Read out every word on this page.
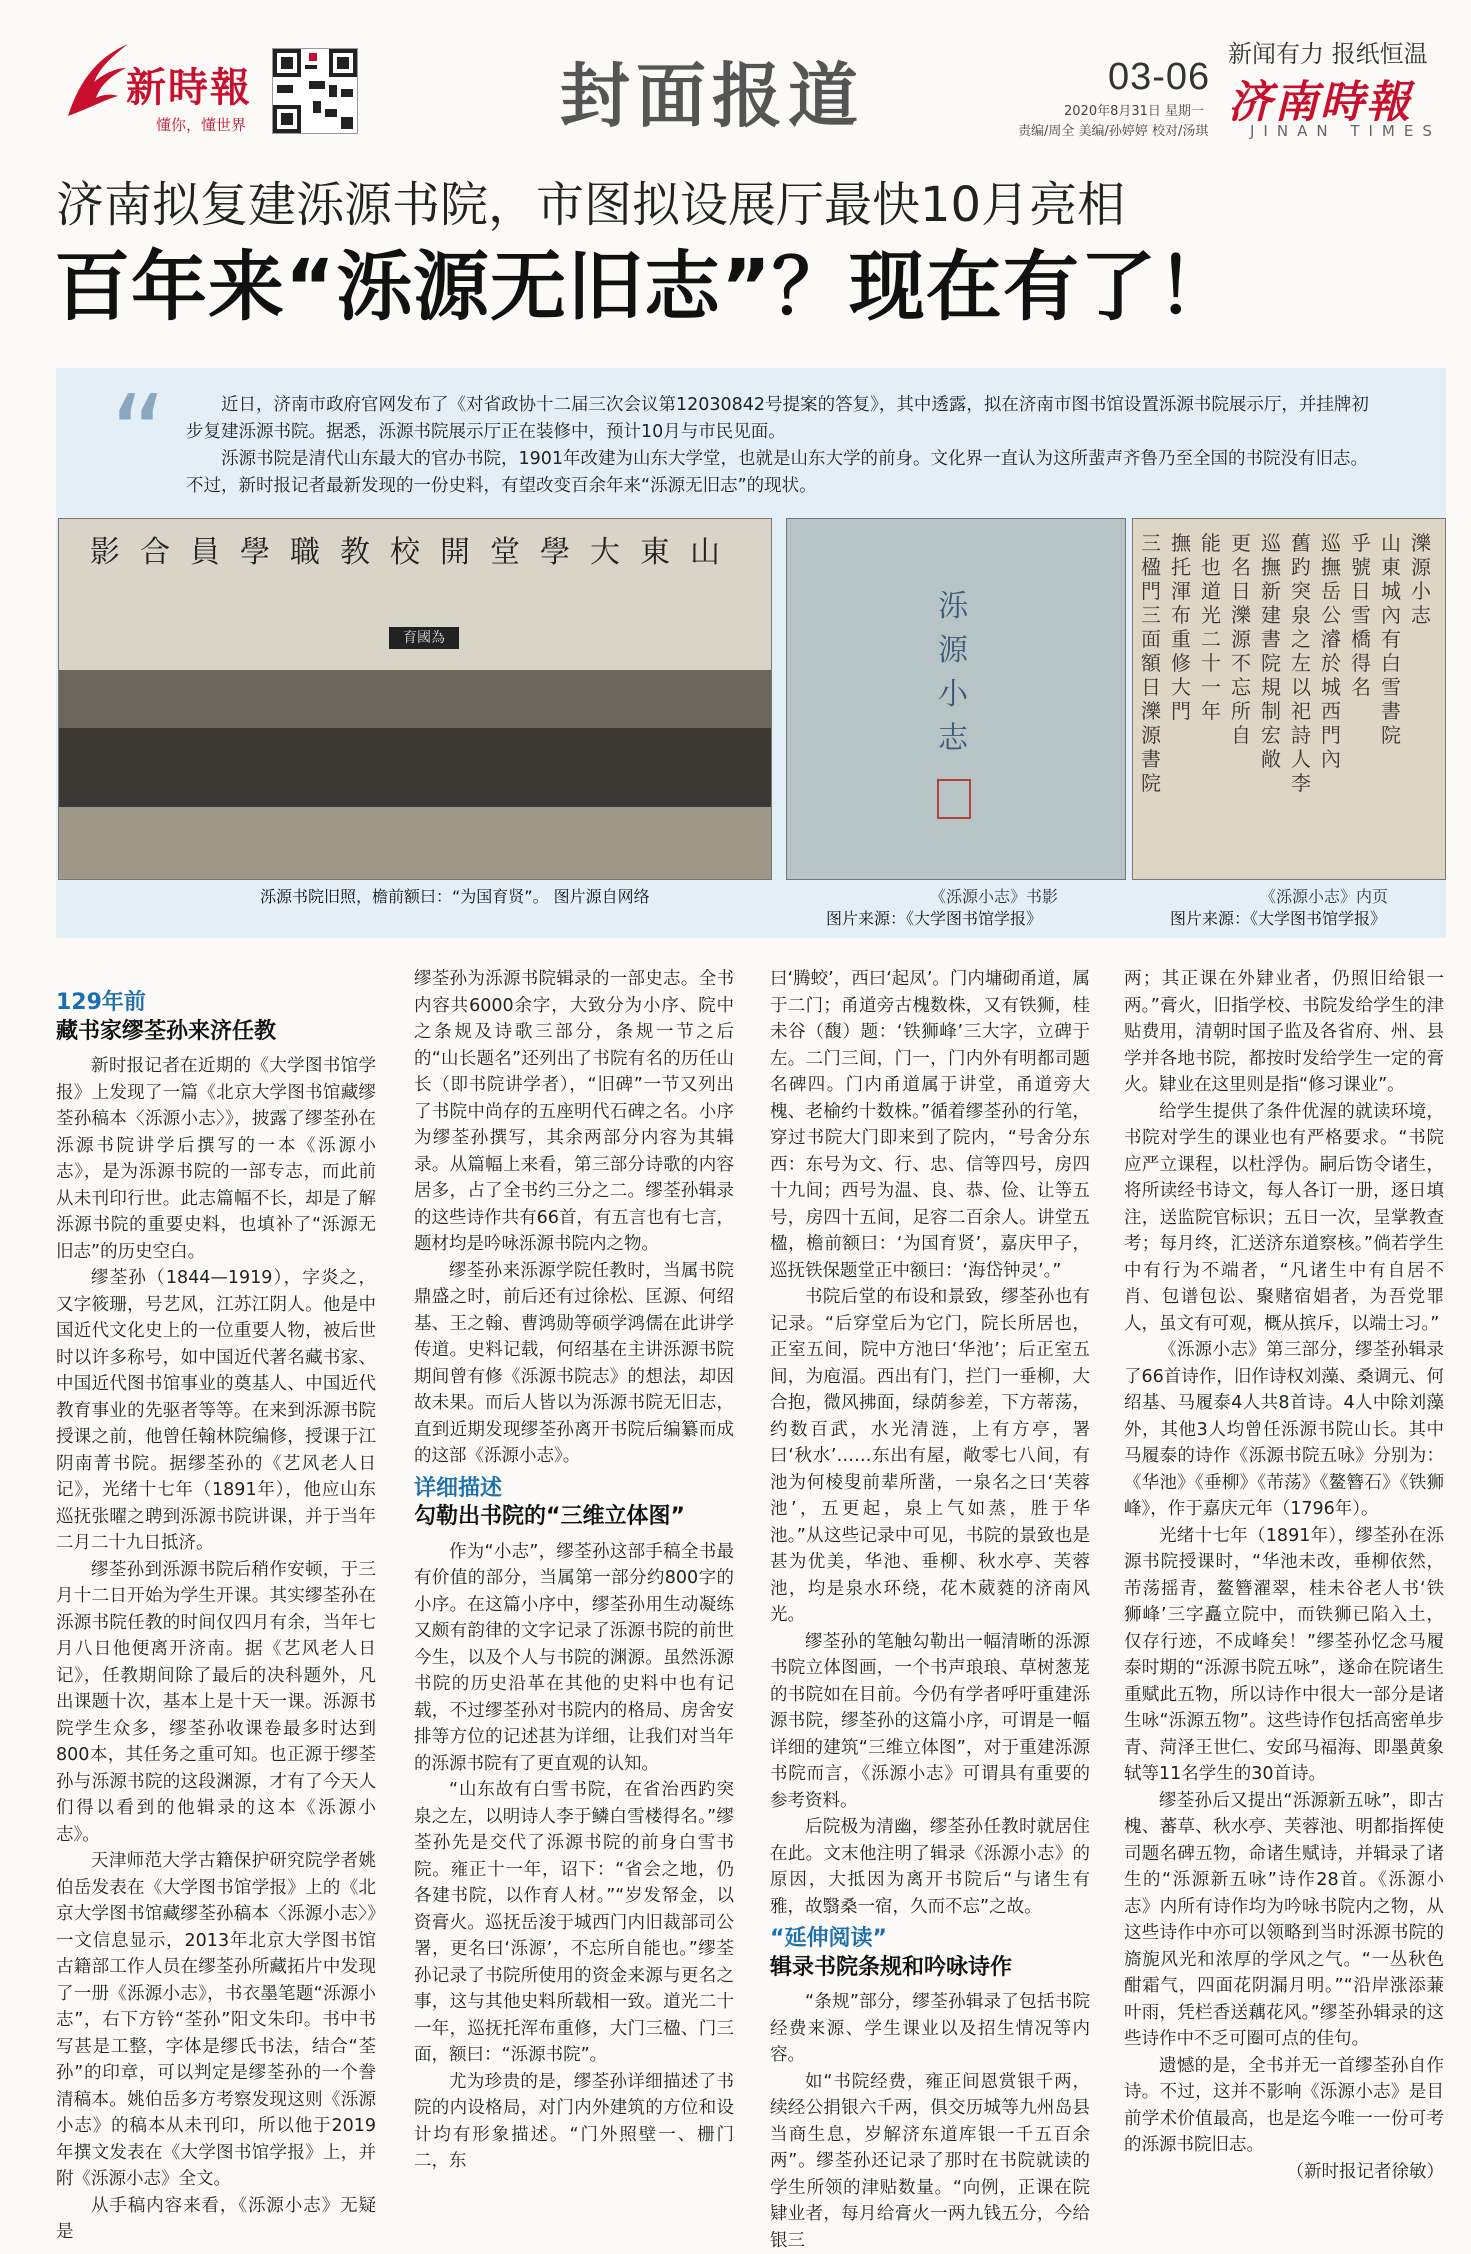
新時報
懂你，懂世界	封面报道	03-06
新闻有力 报纸恒温
济南時報
JINAN TIMES
2020年8月31日 星期一
责编/周全 美编/孙婷婷 校对/汤琪
济南拟复建泺源书院，市图拟设展厅最快10月亮相
百年来“泺源无旧志”？现在有了！
“	近日，济南市政府官网发布了《对省政协十二届三次会议第12030842号提案的答复》，其中透露，拟在济南市图书馆设置泺源书院展示厅，并挂牌初步复建泺源书院。据悉，泺源书院展示厅正在装修中，预计10月与市民见面。

泺源书院是清代山东最大的官办书院，1901年改建为山东大学堂，也就是山东大学的前身。文化界一直认为这所蜚声齐鲁乃至全国的书院没有旧志。不过，新时报记者最新发现的一份史料，有望改变百余年来“泺源无旧志”的现状。

影合員學職教校開堂學大東山
育國為
泺源书院旧照，檐前额曰：“为国育贤”。 图片源自网络
泺源小志
《泺源小志》书影
图片来源：《大学图书馆学报》
濼源小志
山東城內有白雪書院
乎號日雪橋得名
巡撫岳公濬於城西門內
舊趵突泉之左以祀詩人李
巡撫新建書院規制宏敞
更名日濼源不忘所自
能也道光二十一年
撫托渾布重修大門
三楹門三面額日濼源書院
《泺源小志》内页
图片来源：《大学图书馆学报》
129年前
藏书家缪荃孙来济任教

新时报记者在近期的《大学图书馆学报》上发现了一篇《北京大学图书馆藏缪荃孙稿本〈泺源小志〉》，披露了缪荃孙在泺源书院讲学后撰写的一本《泺源小志》，是为泺源书院的一部专志，而此前从未刊印行世。此志篇幅不长，却是了解泺源书院的重要史料，也填补了“泺源无旧志”的历史空白。

缪荃孙（1844—1919），字炎之，又字筱珊，号艺风，江苏江阴人。他是中国近代文化史上的一位重要人物，被后世时以许多称号，如中国近代著名藏书家、中国近代图书馆事业的奠基人、中国近代教育事业的先驱者等等。在来到泺源书院授课之前，他曾任翰林院编修，授课于江阴南菁书院。据缪荃孙的《艺风老人日记》，光绪十七年（1891年），他应山东巡抚张曜之聘到泺源书院讲课，并于当年二月二十九日抵济。

缪荃孙到泺源书院后稍作安顿，于三月十二日开始为学生开课。其实缪荃孙在泺源书院任教的时间仅四月有余，当年七月八日他便离开济南。据《艺风老人日记》，任教期间除了最后的决科题外，凡出课题十次，基本上是十天一课。泺源书院学生众多，缪荃孙收课卷最多时达到800本，其任务之重可知。也正源于缪荃孙与泺源书院的这段渊源，才有了今天人们得以看到的他辑录的这本《泺源小志》。

天津师范大学古籍保护研究院学者姚伯岳发表在《大学图书馆学报》上的《北京大学图书馆藏缪荃孙稿本〈泺源小志〉》一文信息显示，2013年北京大学图书馆古籍部工作人员在缪荃孙所藏拓片中发现了一册《泺源小志》，书衣墨笔题“泺源小志”，右下方钤“荃孙”阳文朱印。书中书写甚是工整，字体是缪氏书法，结合“荃孙”的印章，可以判定是缪荃孙的一个誊清稿本。姚伯岳多方考察发现这则《泺源小志》的稿本从未刊印，所以他于2019年撰文发表在《大学图书馆学报》上，并附《泺源小志》全文。

从手稿内容来看，《泺源小志》无疑是

缪荃孙为泺源书院辑录的一部史志。全书内容共6000余字，大致分为小序、院中之条规及诗歌三部分，条规一节之后的“山长题名”还列出了书院有名的历任山长（即书院讲学者），“旧碑”一节又列出了书院中尚存的五座明代石碑之名。小序为缪荃孙撰写，其余两部分内容为其辑录。从篇幅上来看，第三部分诗歌的内容居多，占了全书约三分之二。缪荃孙辑录的这些诗作共有66首，有五言也有七言，题材均是吟咏泺源书院内之物。

缪荃孙来泺源学院任教时，当属书院鼎盛之时，前后还有过徐松、匡源、何绍基、王之翰、曹鸿勋等硕学鸿儒在此讲学传道。史料记载，何绍基在主讲泺源书院期间曾有修《泺源书院志》的想法，却因故未果。而后人皆以为泺源书院无旧志，直到近期发现缪荃孙离开书院后编纂而成的这部《泺源小志》。

详细描述
勾勒出书院的“三维立体图”

作为“小志”，缪荃孙这部手稿全书最有价值的部分，当属第一部分约800字的小序。在这篇小序中，缪荃孙用生动凝练又颇有韵律的文字记录了泺源书院的前世今生，以及个人与书院的渊源。虽然泺源书院的历史沿革在其他的史料中也有记载，不过缪荃孙对书院内的格局、房舍安排等方位的记述甚为详细，让我们对当年的泺源书院有了更直观的认知。

“山东故有白雪书院，在省治西趵突泉之左，以明诗人李于鳞白雪楼得名。”缪荃孙先是交代了泺源书院的前身白雪书院。雍正十一年，诏下：“省会之地，仍各建书院，以作育人材。”“岁发帑金，以资膏火。巡抚岳浚于城西门内旧裁部司公署，更名曰‘泺源’，不忘所自能也。”缪荃孙记录了书院所使用的资金来源与更名之事，这与其他史料所载相一致。道光二十一年，巡抚托浑布重修，大门三楹、门三面，额曰：“泺源书院”。

尤为珍贵的是，缪荃孙详细描述了书院的内设格局，对门内外建筑的方位和设计均有形象描述。“门外照壁一、栅门二，东

曰‘腾蛟’，西曰‘起凤’。门内墉砌甬道，属于二门；甬道旁古槐数株，又有铁狮，桂未谷（馥）题：‘铁狮峰’三大字，立碑于左。二门三间，门一，门内外有明都司题名碑四。门内甬道属于讲堂，甬道旁大槐、老榆约十数株。”循着缪荃孙的行笔，穿过书院大门即来到了院内，“号舍分东西：东号为文、行、忠、信等四号，房四十九间；西号为温、良、恭、俭、让等五号，房四十五间，足容二百余人。讲堂五楹，檐前额曰：‘为国育贤’，嘉庆甲子，巡抚铁保题堂正中额曰：‘海岱钟灵’。”

书院后堂的布设和景致，缪荃孙也有记录。“后穿堂后为它门，院长所居也，正室五间，院中方池曰‘华池’；后正室五间，为庖湢。西出有门，拦门一垂柳，大合抱，微风拂面，绿荫参差，下方蒂荡，约数百武，水光清涟，上有方亭，署曰‘秋水’……东出有屋，敞零七八间，有池为何棱叟前辈所凿，一泉名之曰‘芙蓉池’，五更起，泉上气如蒸，胜于华池。”从这些记录中可见，书院的景致也是甚为优美，华池、垂柳、秋水亭、芙蓉池，均是泉水环绕，花木葳蕤的济南风光。

缪荃孙的笔触勾勒出一幅清晰的泺源书院立体图画，一个书声琅琅、草树葱茏的书院如在目前。今仍有学者呼吁重建泺源书院，缪荃孙的这篇小序，可谓是一幅详细的建筑“三维立体图”，对于重建泺源书院而言，《泺源小志》可谓具有重要的参考资料。

后院极为清幽，缪荃孙任教时就居住在此。文末他注明了辑录《泺源小志》的原因，大抵因为离开书院后“与诸生有雅，故翳桑一宿，久而不忘”之故。

“延伸阅读”
辑录书院条规和吟咏诗作

“条规”部分，缪荃孙辑录了包括书院经费来源、学生课业以及招生情况等内容。

如“书院经费，雍正间恩赏银千两，续经公捐银六千两，俱交历城等九州岛县当商生息，岁解济东道库银一千五百余两”。缪荃孙还记录了那时在书院就读的学生所领的津贴数量。“向例，正课在院肄业者，每月给膏火一两九钱五分，今给银三

两；其正课在外肄业者，仍照旧给银一两。”膏火，旧指学校、书院发给学生的津贴费用，清朝时国子监及各省府、州、县学并各地书院，都按时发给学生一定的膏火。肄业在这里则是指“修习课业”。

给学生提供了条件优渥的就读环境，书院对学生的课业也有严格要求。“书院应严立课程，以杜浮伪。嗣后饬令诸生，将所读经书诗文，每人各订一册，逐日填注，送监院官标识；五日一次，呈掌教查考；每月终，汇送济东道察核。”倘若学生中有行为不端者，“凡诸生中有自居不肖、包谱包讼、聚赌宿娼者，为吾党罪人，虽文有可观，概从摈斥，以端士习。”

《泺源小志》第三部分，缪荃孙辑录了66首诗作，旧作诗权刘藻、桑调元、何绍基、马履泰4人共8首诗。4人中除刘藻外，其他3人均曾任泺源书院山长。其中马履泰的诗作《泺源书院五咏》分别为：《华池》《垂柳》《芾荡》《鳌簪石》《铁狮峰》，作于嘉庆元年（1796年）。

光绪十七年（1891年），缪荃孙在泺源书院授课时，“华池未改，垂柳依然，芾荡摇青，鳌簪濯翠，桂未谷老人书‘铁狮峰’三字矗立院中，而铁狮已陷入土，仅存行迹，不成峰矣！”缪荃孙忆念马履泰时期的“泺源书院五咏”，遂命在院诸生重赋此五物，所以诗作中很大一部分是诸生咏“泺源五物”。这些诗作包括高密单步青、菏泽王世仁、安邱马福海、即墨黄象轼等11名学生的30首诗。

缪荃孙后又提出“泺源新五咏”，即古槐、蕃草、秋水亭、芙蓉池、明都指挥使司题名碑五物，命诸生赋诗，并辑录了诸生的“泺源新五咏”诗作28首。《泺源小志》内所有诗作均为吟咏书院内之物，从这些诗作中亦可以领略到当时泺源书院的旖旎风光和浓厚的学风之气。“一丛秋色酣霜气，四面花阴漏月明。”“沿岸涨添蒹叶雨，凭栏香送藕花风。”缪荃孙辑录的这些诗作中不乏可圈可点的佳句。

遗憾的是，全书并无一首缪荃孙自作诗。不过，这并不影响《泺源小志》是目前学术价值最高，也是迄今唯一一份可考的泺源书院旧志。

（新时报记者徐敏）
